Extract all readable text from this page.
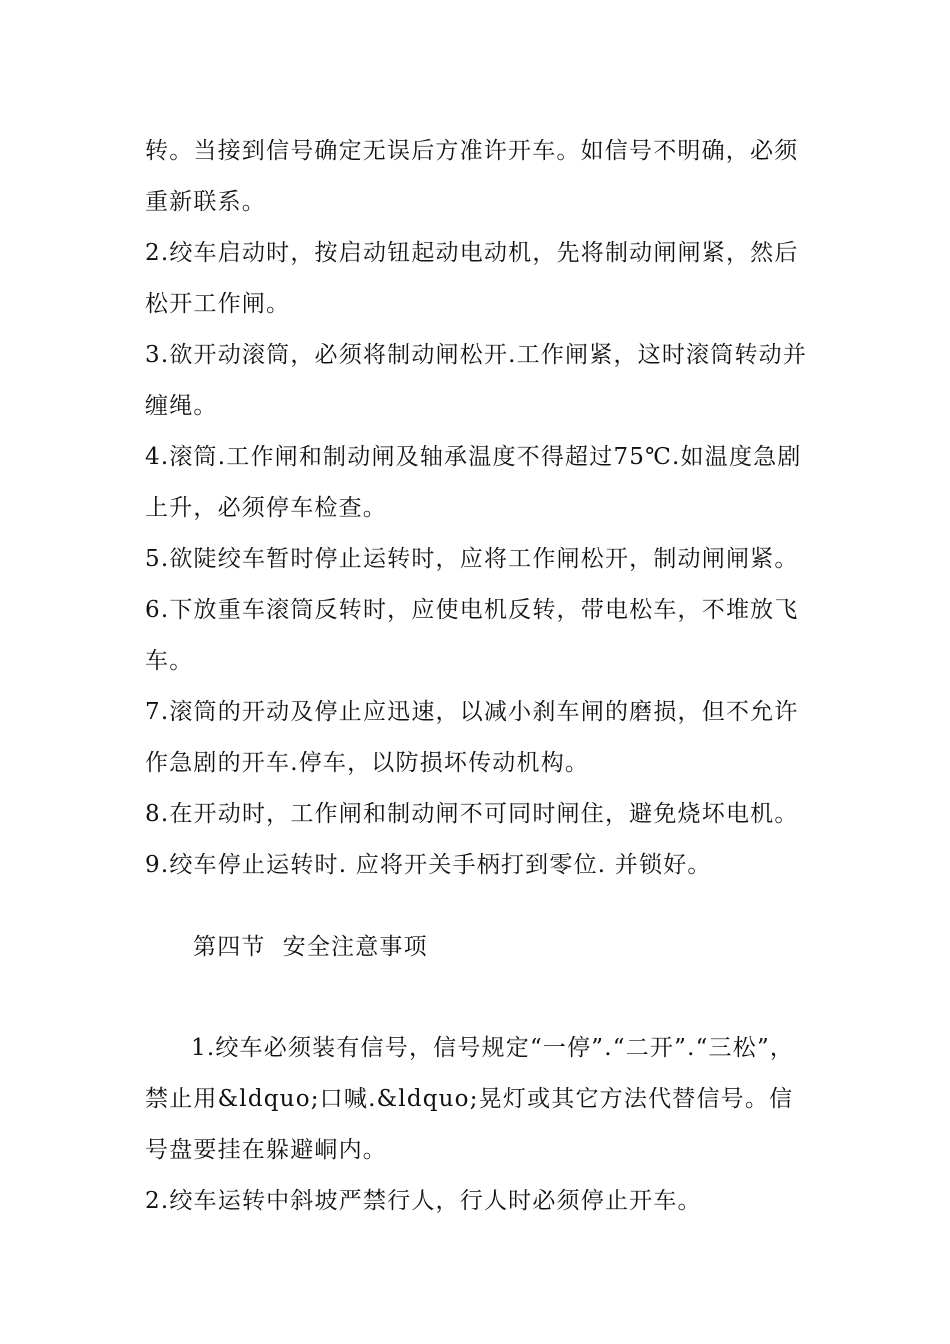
转。当接到信号确定无误后方准许开车。如信号不明确，必须重新联系。

2.绞车启动时，按启动钮起动电动机，先将制动闸闸紧，然后松开工作闸。

3.欲开动滚筒，必须将制动闸松开.工作闸紧，这时滚筒转动并缠绳。

4.滚筒.工作闸和制动闸及轴承温度不得超过75℃.如温度急剧上升，必须停车检查。

5.欲陡绞车暂时停止运转时，应将工作闸松开，制动闸闸紧。

6.下放重车滚筒反转时，应使电机反转，带电松车，不堆放飞车。

7.滚筒的开动及停止应迅速，以减小刹车闸的磨损，但不允许作急剧的开车.停车，以防损坏传动机构。

8.在开动时，工作闸和制动闸不可同时闸住，避免烧坏电机。

9.绞车停止运转时. 应将开关手柄打到零位. 并锁好。

第四节  安全注意事项

1.绞车必须装有信号，信号规定“一停”.“二开”.“三松”，禁止用&ldquo;口喊.&ldquo;晃灯或其它方法代替信号。信号盘要挂在躲避峒内。

2.绞车运转中斜坡严禁行人，行人时必须停止开车。
